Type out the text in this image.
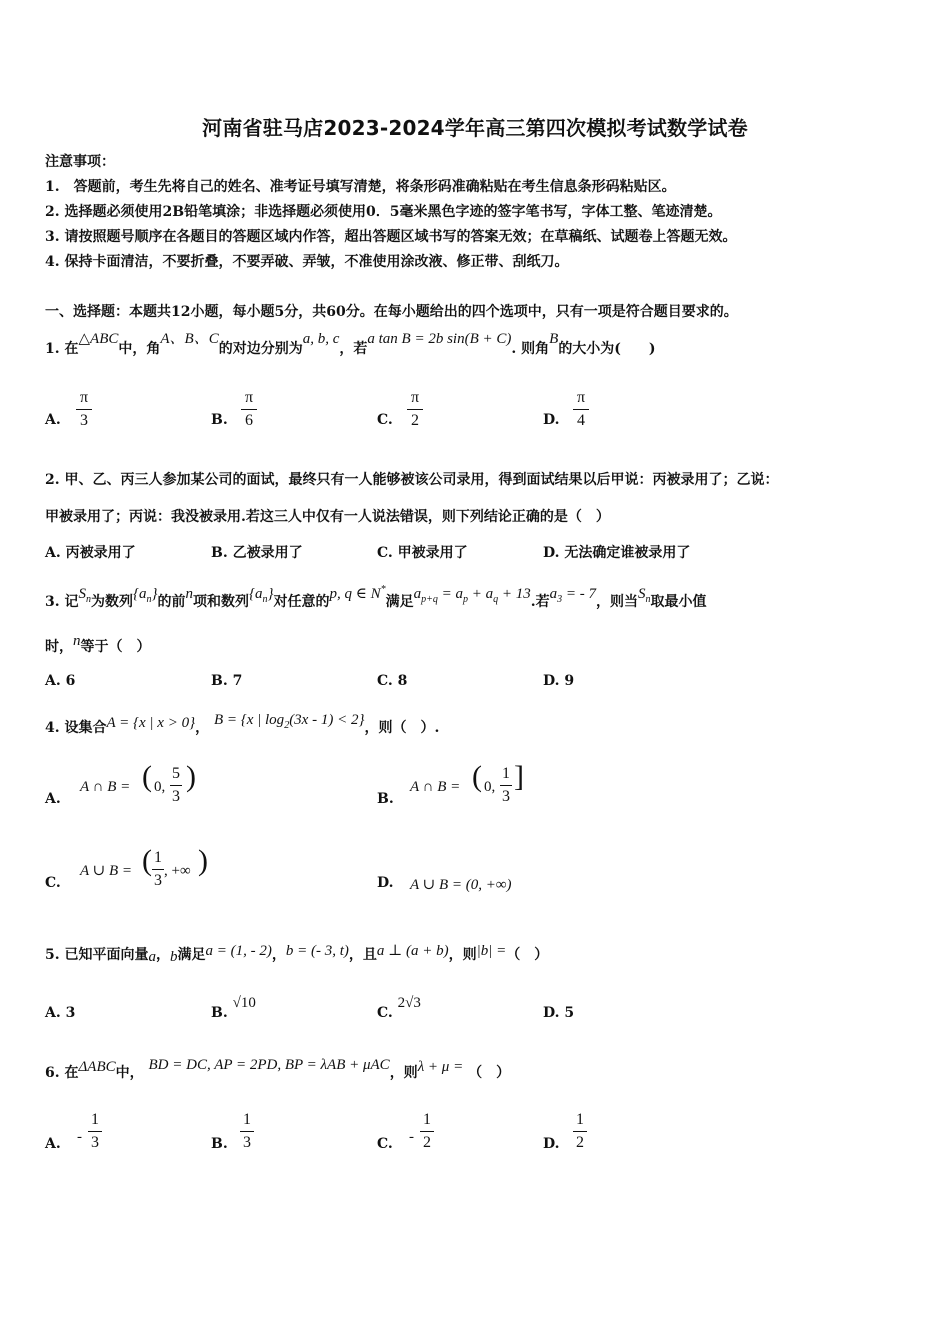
河南省驻马店2023-2024学年高三第四次模拟考试数学试卷
注意事项：
1.　答题前，考生先将自己的姓名、准考证号填写清楚，将条形码准确粘贴在考生信息条形码粘贴区。
2. 选择题必须使用2B铅笔填涂；非选择题必须使用0．5毫米黑色字迹的签字笔书写，字体工整、笔迹清楚。
3. 请按照题号顺序在各题目的答题区域内作答，超出答题区域书写的答案无效；在草稿纸、试题卷上答题无效。
4. 保持卡面清洁，不要折叠，不要弄破、弄皱，不准使用涂改液、修正带、刮纸刀。
一、选择题：本题共12小题，每小题5分，共60分。在每小题给出的四个选项中，只有一项是符合题目要求的。
1. 在△ABC中，角A、B、C的对边分别为a, b, c，若a tan B = 2b sin(B + C). 则角B的大小为(　　)
A.
π
3	B.
π
6	C.
π
2	D.
π
4
2. 甲、乙、丙三人参加某公司的面试，最终只有一人能够被该公司录用，得到面试结果以后甲说：丙被录用了；乙说：
甲被录用了；丙说：我没被录用.若这三人中仅有一人说法错误，则下列结论正确的是（　）
A. 丙被录用了	B. 乙被录用了	C. 甲被录用了	D. 无法确定谁被录用了
3. 记$S_n$为数列$\{a_n\}$的前n项和数列$\{a_n\}$对任意的p, q ∈ N*满足$a_{p+q} = a_p + a_q + 13$.若$a_3$ = - 7，则当$S_n$取最小值
时，n等于（　）
A. 6	B. 7	C. 8	D. 9
4. 设集合A = {x | x > 0}， B = {x | $\log_2(3x - 1) < 2$}，则（　）.
A.
A ∩ B = ( 0,
5
3
)
B.
A ∩ B = ( 0,
1
3
]
C.
A ∪ B = ( 1
3
, +∞ )
D. A ∪ B = (0, +∞)
5. 已知平面向量a，b满足a = (1, - 2)，b = (- 3, t)，且a ⊥ (a + b)，则|b| =（　）
A. 3	B. √10
C. 2√3
D. 5
6. 在ΔABC中， BD = DC, AP = 2PD, BP = λAB + μAC，则λ + μ = （　）
A. -
1
3	B.
1
3	C. -
1
2	D.
1
2
